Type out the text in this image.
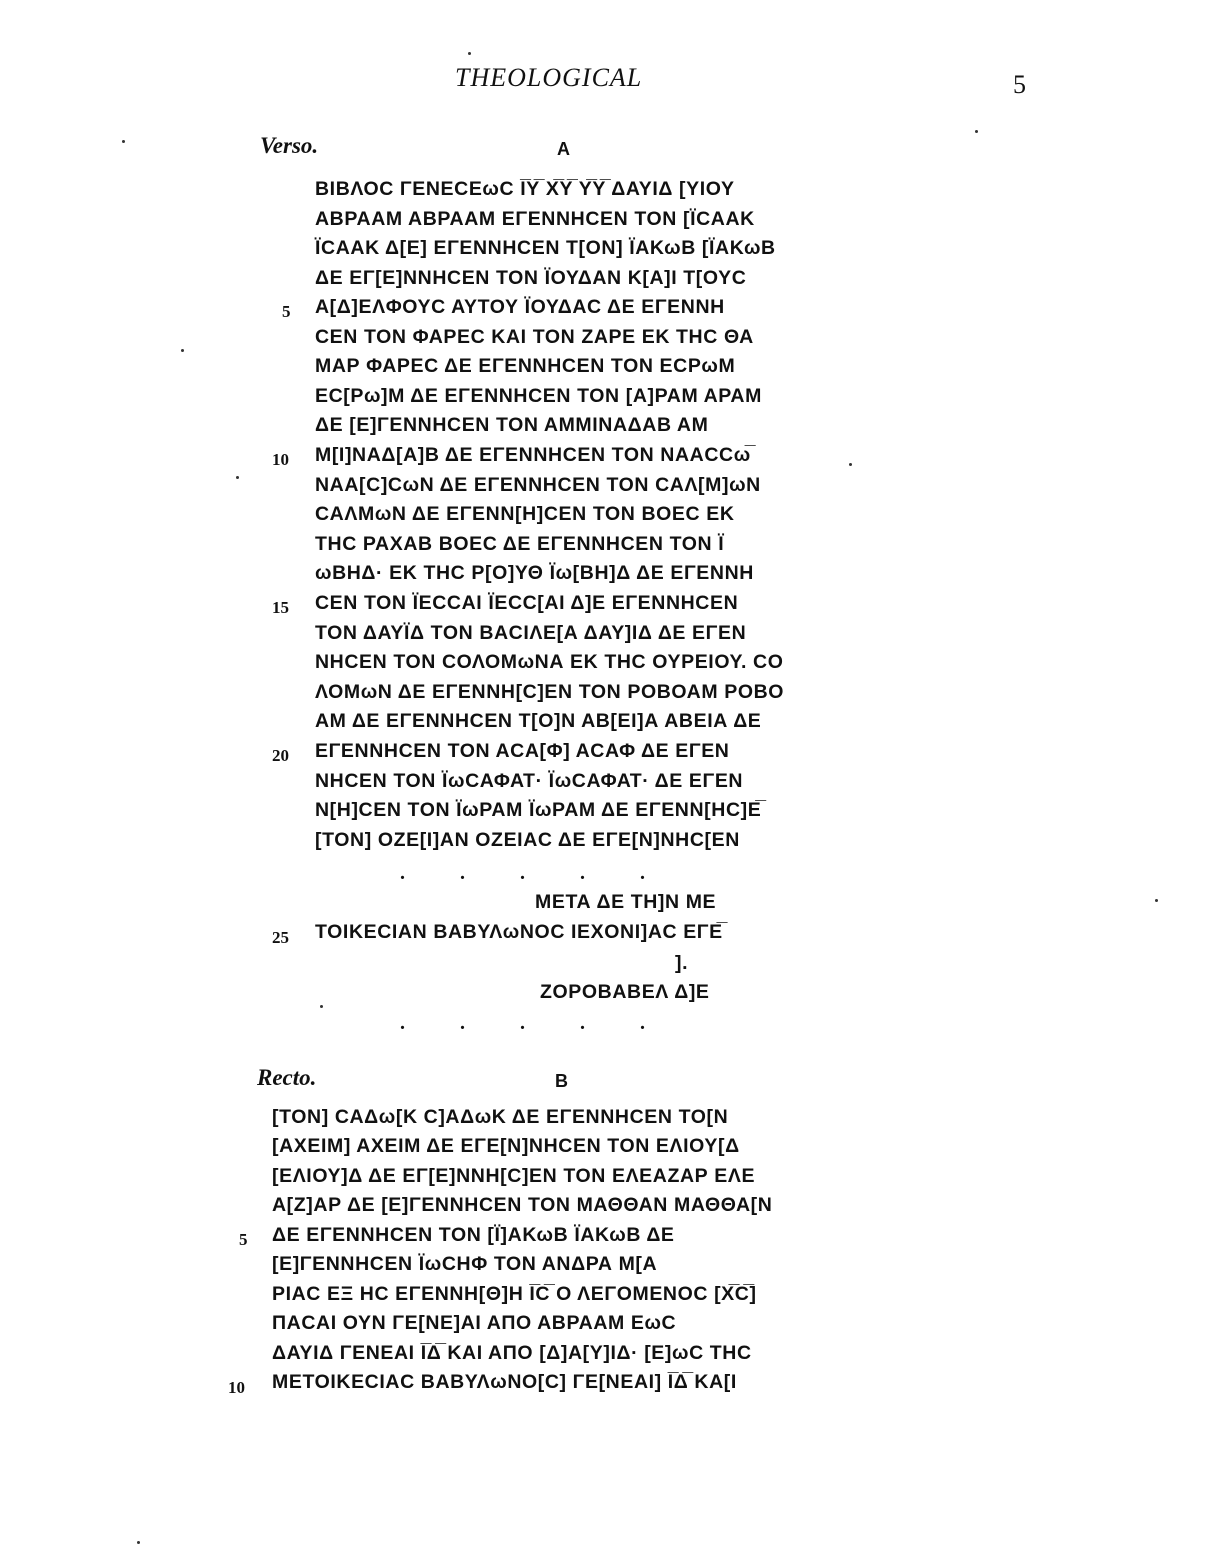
THEOLOGICAL	5
Verso.	A
ΒΙΒΛΟϹ ΓΕΝΕϹΕωϹ Ι̅Υ̅ Χ̅Υ̅ Υ̅Υ̅ ΔΑΥΙΔ [ΥΙΟΥ
ΑΒΡΑΑΜ ΑΒΡΑΑΜ ΕΓΕΝΝΗϹΕΝ ΤΟΝ [ΪϹΑΑΚ
ΪϹΑΑΚ Δ[Ε] ΕΓΕΝΝΗϹΕΝ Τ[ΟΝ] ΪΑΚωΒ [ΪΑΚωΒ
ΔΕ ΕΓ[Ε]ΝΝΗϹΕΝ ΤΟΝ ΪΟΥΔΑΝ Κ[Α]Ι Τ[ΟΥϹ
5 Α[Δ]ΕΛΦΟΥϹ ΑΥΤΟΥ ΪΟΥΔΑϹ ΔΕ ΕΓΕΝΝΗ
ϹΕΝ ΤΟΝ ΦΑΡΕϹ ΚΑΙ ΤΟΝ ΖΑΡΕ ΕΚ ΤΗϹ ΘΑ
ΜΑΡ ΦΑΡΕϹ ΔΕ ΕΓΕΝΝΗϹΕΝ ΤΟΝ ΕϹΡωΜ
ΕϹ[Ρω]Μ ΔΕ ΕΓΕΝΝΗϹΕΝ ΤΟΝ [Α]ΡΑΜ ΑΡΑΜ
ΔΕ [Ε]ΓΕΝΝΗϹΕΝ ΤΟΝ ΑΜΜΙΝΑΔΑΒ ΑΜ
10 Μ[Ι]ΝΑΔ[Α]Β ΔΕ ΕΓΕΝΝΗϹΕΝ ΤΟΝ ΝΑΑϹϹω̅
ΝΑΑ[Ϲ]ϹωΝ ΔΕ ΕΓΕΝΝΗϹΕΝ ΤΟΝ ϹΑΛ[Μ]ωΝ
ϹΑΛΜωΝ ΔΕ ΕΓΕΝΝ[Η]ϹΕΝ ΤΟΝ ΒΟΕϹ ΕΚ
ΤΗϹ ΡΑΧΑΒ ΒΟΕϹ ΔΕ ΕΓΕΝΝΗϹΕΝ ΤΟΝ Ϊ
ωΒΗΔ· ΕΚ ΤΗϹ Ρ[Ο]ΥΘ Ϊω[ΒΗ]Δ ΔΕ ΕΓΕΝΝΗ
15 ϹΕΝ ΤΟΝ ΪΕϹϹΑΙ ΪΕϹϹ[ΑΙ Δ]Ε ΕΓΕΝΝΗϹΕΝ
ΤΟΝ ΔΑΥΪΔ ΤΟΝ ΒΑϹΙΛΕ[Α ΔΑΥ]ΙΔ ΔΕ ΕΓΕΝ
ΝΗϹΕΝ ΤΟΝ ϹΟΛΟΜωΝΑ ΕΚ ΤΗϹ ΟΥΡΕΙΟΥ. ϹΟ
ΛΟΜωΝ ΔΕ ΕΓΕΝΝΗ[Ϲ]ΕΝ ΤΟΝ ΡΟΒΟΑΜ ΡΟΒΟ
ΑΜ ΔΕ ΕΓΕΝΝΗϹΕΝ Τ[Ο]Ν ΑΒ[ΕΙ]Α ΑΒΕΙΑ ΔΕ
20 ΕΓΕΝΝΗϹΕΝ ΤΟΝ ΑϹΑ[Φ] ΑϹΑΦ ΔΕ ΕΓΕΝ
ΝΗϹΕΝ ΤΟΝ ΪωϹΑΦΑΤ· ΪωϹΑΦΑΤ· ΔΕ ΕΓΕΝ
Ν[Η]ϹΕΝ ΤΟΝ ΪωΡΑΜ ΪωΡΑΜ ΔΕ ΕΓΕΝΝ[ΗϹ]Ε̅
[ΤΟΝ] ΟΖΕ[Ι]ΑΝ ΟΖΕΙΑϹ ΔΕ ΕΓΕ[Ν]ΝΗϹ[ΕΝ
. . . . .
ΜΕΤΑ ΔΕ ΤΗ]Ν ΜΕ
25 ΤΟΙΚΕϹΙΑΝ ΒΑΒΥΛωΝΟϹ ΙΕΧΟΝΙ]ΑϹ ΕΓΕ̅
].
ΖΟΡΟΒΑΒΕΛ Δ]Ε
. . . . .
Recto.	B
[ΤΟΝ] ϹΑΔω[Κ Ϲ]ΑΔωΚ ΔΕ ΕΓΕΝΝΗϹΕΝ ΤΟ[Ν
[ΑΧΕΙΜ] ΑΧΕΙΜ ΔΕ ΕΓΕ[Ν]ΝΗϹΕΝ ΤΟΝ ΕΛΙΟΥ[Δ
[ΕΛΙΟΥ]Δ ΔΕ ΕΓ[Ε]ΝΝΗ[Ϲ]ΕΝ ΤΟΝ ΕΛΕΑΖΑΡ ΕΛΕ
Α[Ζ]ΑΡ ΔΕ [Ε]ΓΕΝΝΗϹΕΝ ΤΟΝ ΜΑΘΘΑΝ ΜΑΘΘΑ[Ν
5 ΔΕ ΕΓΕΝΝΗϹΕΝ ΤΟΝ [Ϊ]ΑΚωΒ ΪΑΚωΒ ΔΕ
[Ε]ΓΕΝΝΗϹΕΝ ΪωϹΗΦ ΤΟΝ ΑΝΔΡΑ Μ[Α
ΡΙΑϹ ΕΞ ΗϹ ΕΓΕΝΝΗ[Θ]Η Ι̅Ϲ̅ Ο ΛΕΓΟΜΕΝΟϹ [Χ̅Ϲ̅]
ΠΑϹΑΙ ΟΥΝ ΓΕ[ΝΕ]ΑΙ ΑΠΟ ΑΒΡΑΑΜ ΕωϹ
ΔΑΥΙΔ ΓΕΝΕΑΙ Ι̅Δ̅ ΚΑΙ ΑΠΟ [Δ]Α[Υ]ΙΔ· [Ε]ωϹ ΤΗϹ
10 ΜΕΤΟΙΚΕϹΙΑϹ ΒΑΒΥΛωΝΟ[Ϲ] ΓΕ[ΝΕΑΙ] Ι̅Δ̅ ΚΑ[Ι
